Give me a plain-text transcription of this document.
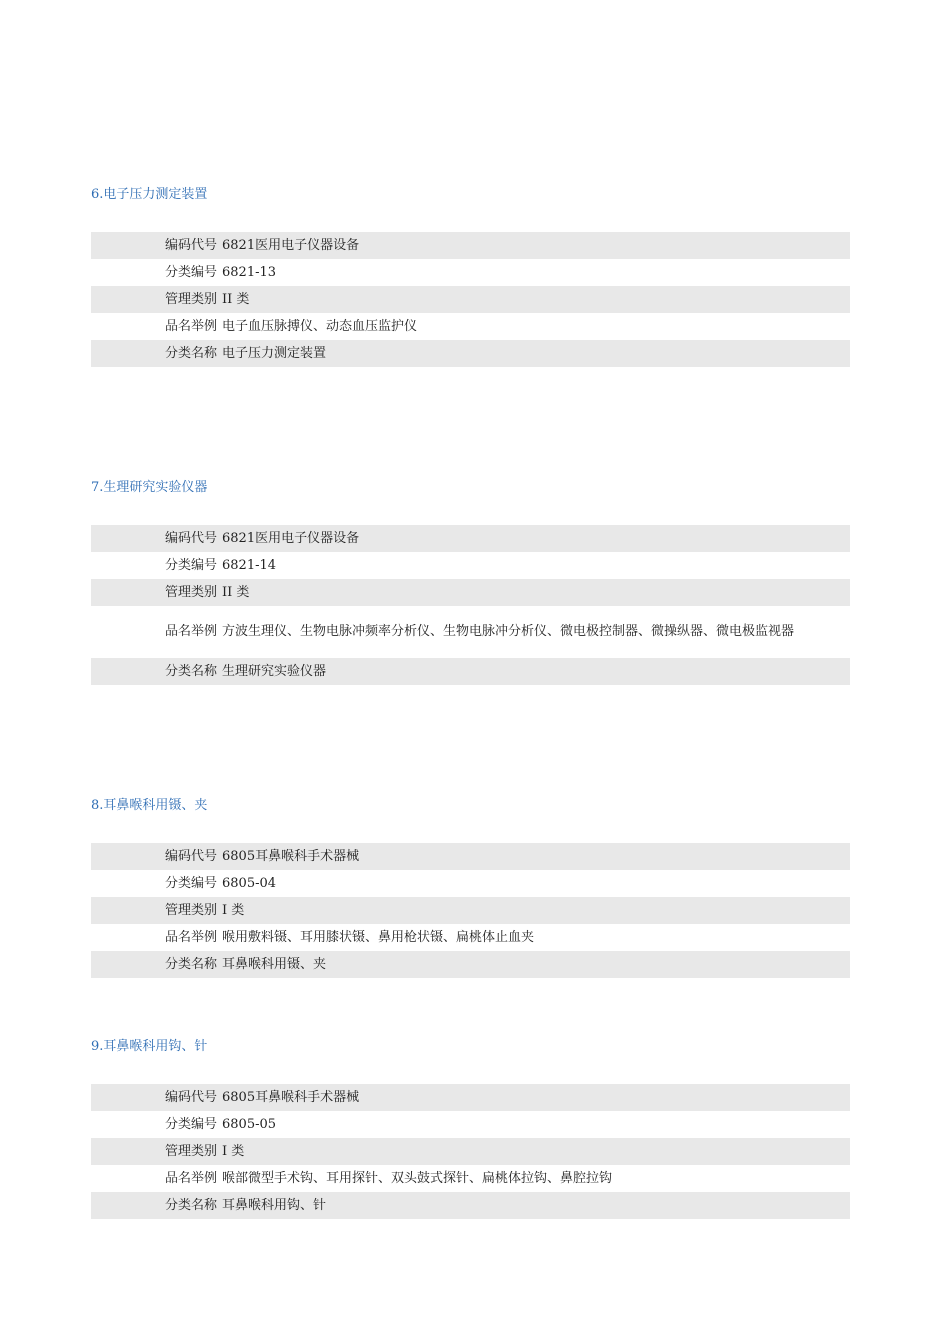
6.电子压力测定装置
	编码代号	6821医用电子仪器设备
	分类编号	6821-13
	管理类别	II 类
	品名举例	电子血压脉搏仪、动态血压监护仪
	分类名称	电子压力测定装置
7.生理研究实验仪器
	编码代号	6821医用电子仪器设备
	分类编号	6821-14
	管理类别	II 类
	品名举例	方波生理仪、生物电脉冲频率分析仪、生物电脉冲分析仪、微电极控制器、微操纵器、微电极监视器
	分类名称	生理研究实验仪器
8.耳鼻喉科用镊、夹
	编码代号	6805耳鼻喉科手术器械
	分类编号	6805-04
	管理类别	I 类
	品名举例	喉用敷料镊、耳用膝状镊、鼻用枪状镊、扁桃体止血夹
	分类名称	耳鼻喉科用镊、夹
9.耳鼻喉科用钩、针
	编码代号	6805耳鼻喉科手术器械
	分类编号	6805-05
	管理类别	I 类
	品名举例	喉部微型手术钩、耳用探针、双头鼓式探针、扁桃体拉钩、鼻腔拉钩
	分类名称	耳鼻喉科用钩、针
